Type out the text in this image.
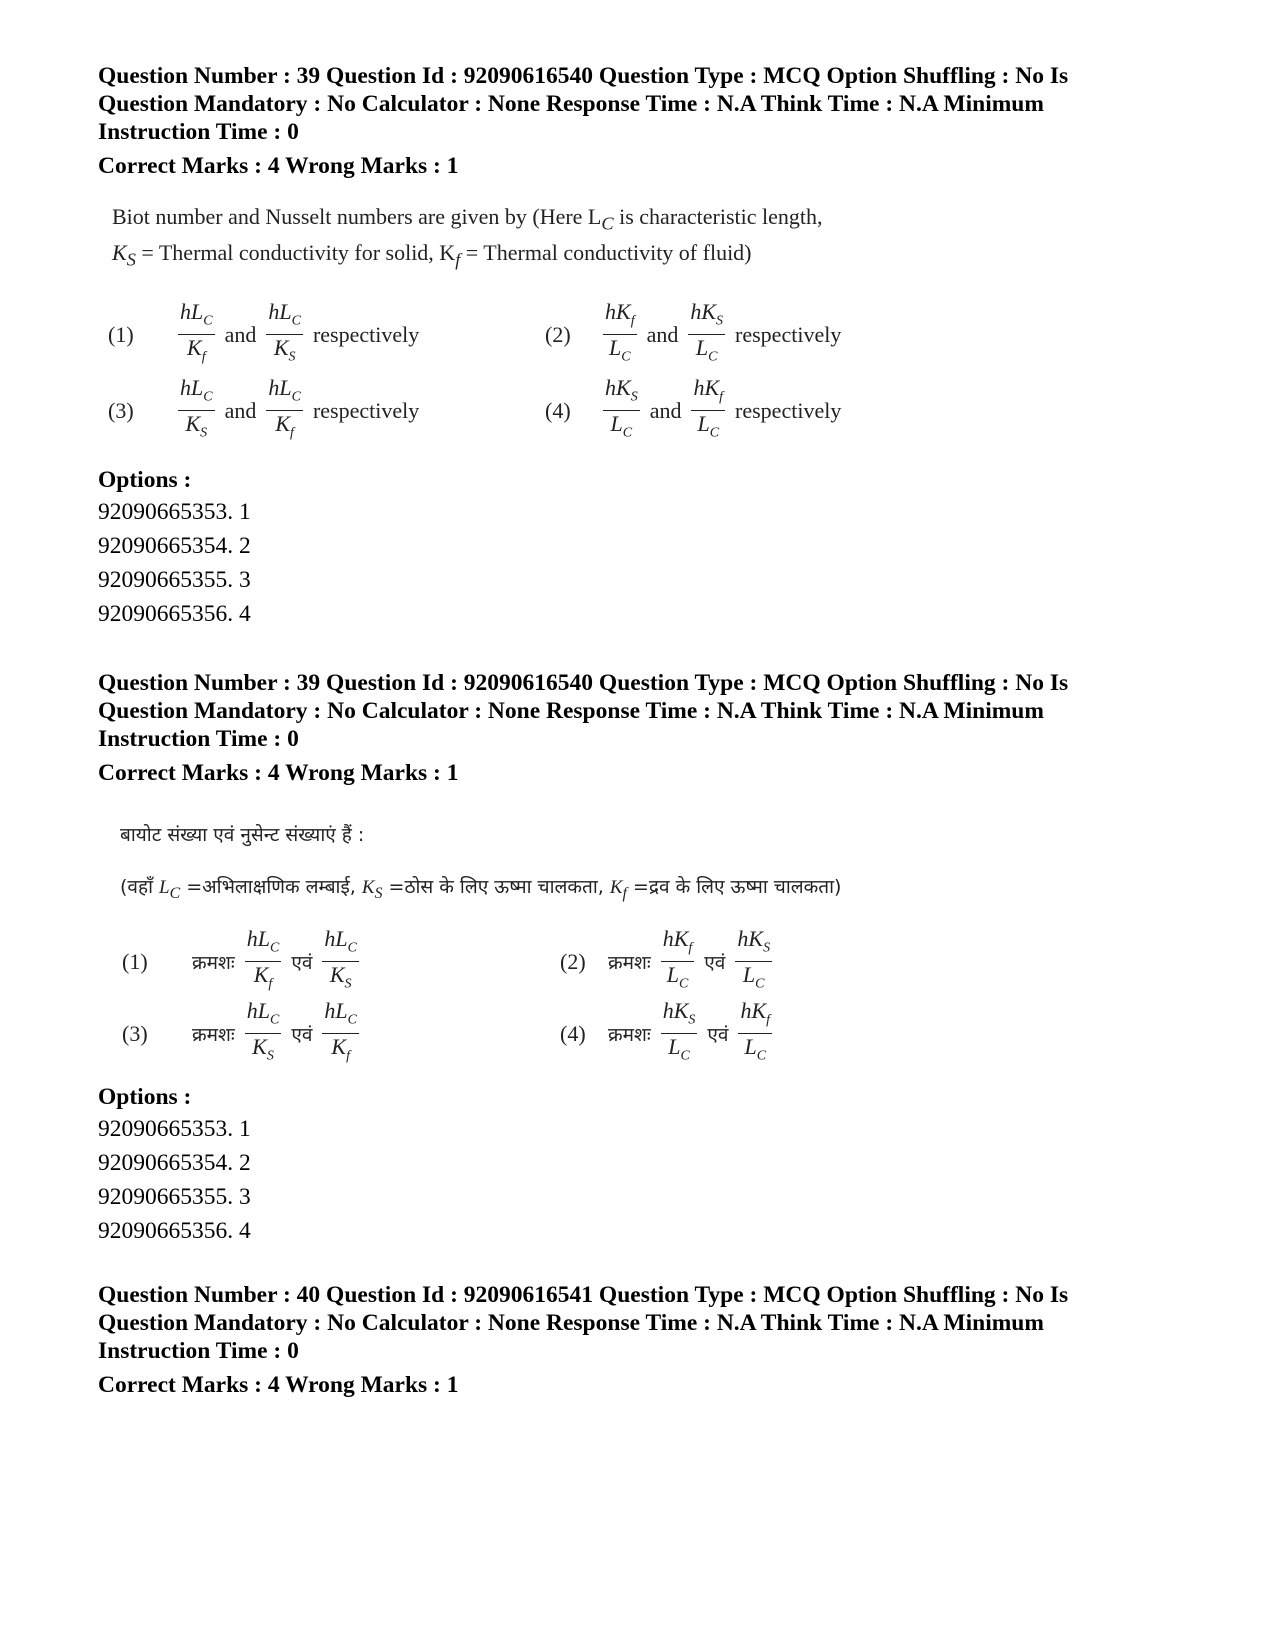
Question Number : 39 Question Id : 92090616540 Question Type : MCQ Option Shuffling : No Is

Question Mandatory : No Calculator : None Response Time : N.A Think Time : N.A Minimum

Instruction Time : 0

Correct Marks : 4 Wrong Marks : 1

Biot number and Nusselt numbers are given by (Here $L_C$ is characteristic length,
$K_S$ = Thermal conductivity for solid, $K_f$ = Thermal conductivity of fluid)

(1)	$\frac{hL_C}{K_f}$ and $\frac{hL_C}{K_S}$ respectively	(2)	$\frac{hK_f}{L_C}$ and $\frac{hK_S}{L_C}$ respectively
(3)	$\frac{hL_C}{K_S}$ and $\frac{hL_C}{K_f}$ respectively	(4)	$\frac{hK_S}{L_C}$ and $\frac{hK_f}{L_C}$ respectively
Options :
92090665353. 1
92090665354. 2
92090665355. 3
92090665356. 4

Question Number : 39 Question Id : 92090616540 Question Type : MCQ Option Shuffling : No Is

Question Mandatory : No Calculator : None Response Time : N.A Think Time : N.A Minimum

Instruction Time : 0

Correct Marks : 4 Wrong Marks : 1

बायोट संख्या एवं नुसेन्ट संख्याएं हैं :
(वहाँ $L_C$ =अभिलाक्षणिक लम्बाई, $K_S$ =ठोस के लिए ऊष्मा चालकता, $K_f$ =द्रव के लिए ऊष्मा चालकता)

(1)	क्रमशः $\frac{hL_C}{K_f}$ एवं $\frac{hL_C}{K_S}$	(2)	क्रमशः $\frac{hK_f}{L_C}$ एवं $\frac{hK_S}{L_C}$
(3)	क्रमशः $\frac{hL_C}{K_S}$ एवं $\frac{hL_C}{K_f}$	(4)	क्रमशः $\frac{hK_S}{L_C}$ एवं $\frac{hK_f}{L_C}$
Options :
92090665353. 1
92090665354. 2
92090665355. 3
92090665356. 4

Question Number : 40 Question Id : 92090616541 Question Type : MCQ Option Shuffling : No Is

Question Mandatory : No Calculator : None Response Time : N.A Think Time : N.A Minimum

Instruction Time : 0

Correct Marks : 4 Wrong Marks : 1
